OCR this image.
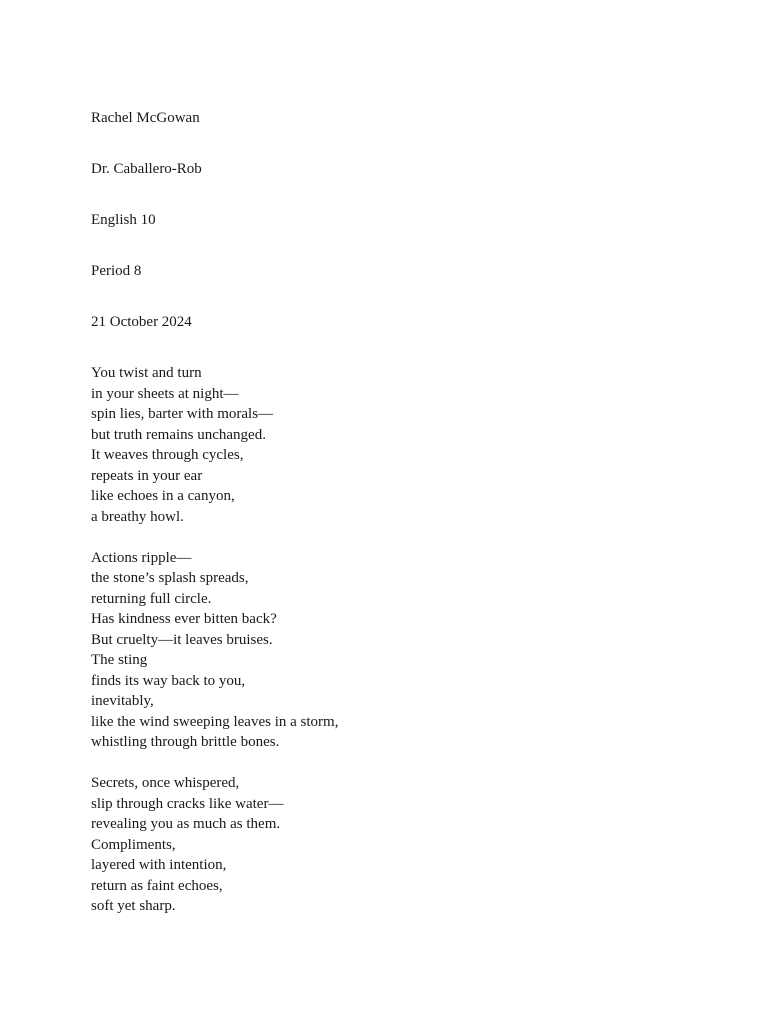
Rachel McGowan
Dr. Caballero-Rob
English 10
Period 8
21 October 2024
You twist and turn
in your sheets at night—
spin lies, barter with morals—
but truth remains unchanged.
It weaves through cycles,
repeats in your ear
like echoes in a canyon,
a breathy howl.
Actions ripple—
the stone’s splash spreads,
returning full circle.
Has kindness ever bitten back?
But cruelty—it leaves bruises.
The sting
finds its way back to you,
inevitably,
like the wind sweeping leaves in a storm,
whistling through brittle bones.
Secrets, once whispered,
slip through cracks like water—
revealing you as much as them.
Compliments,
layered with intention,
return as faint echoes,
soft yet sharp.
